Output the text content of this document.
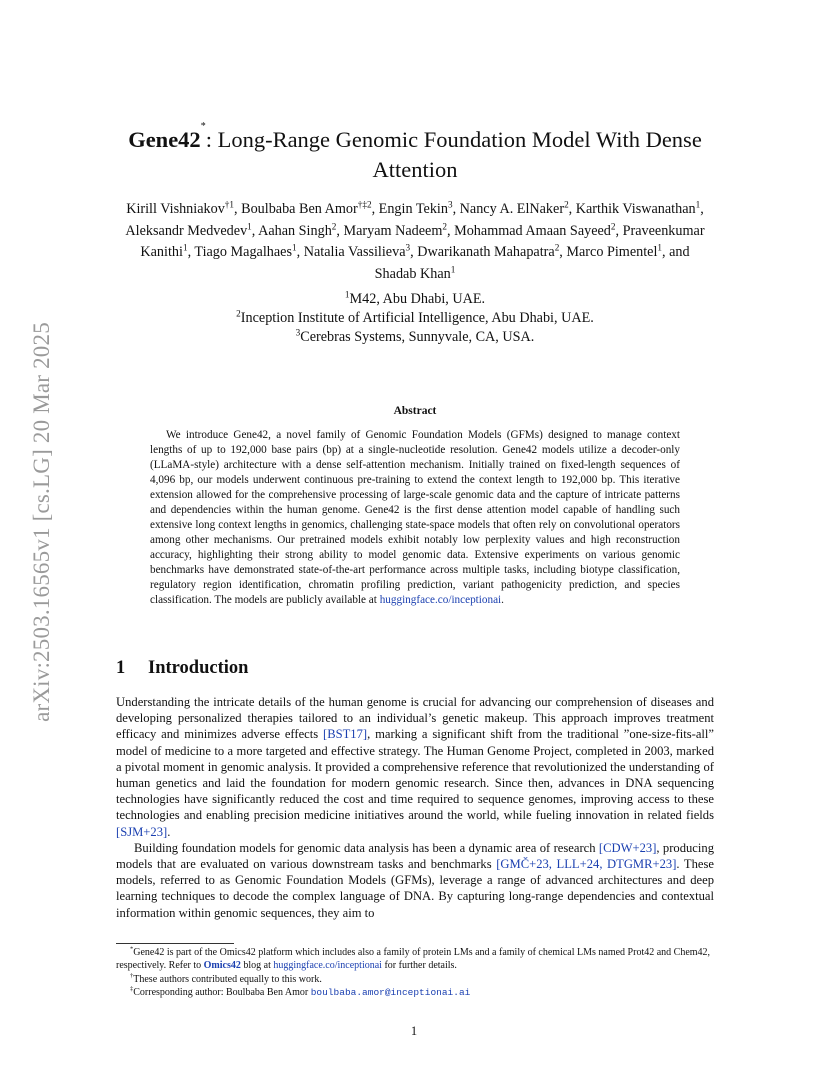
arXiv:2503.16565v1 [cs.LG] 20 Mar 2025
Gene42*: Long-Range Genomic Foundation Model With Dense Attention
Kirill Vishniakov$^{\dagger 1}$, Boulbaba Ben Amor$^{\dagger\ddagger 2}$, Engin Tekin$^3$, Nancy A. ElNaker$^2$, Karthik Viswanathan$^1$, Aleksandr Medvedev$^1$, Aahan Singh$^2$, Maryam Nadeem$^2$, Mohammad Amaan Sayeed$^2$, Praveenkumar Kanithi$^1$, Tiago Magalhaes$^1$, Natalia Vassilieva$^3$, Dwarikanath Mahapatra$^2$, Marco Pimentel$^1$, and Shadab Khan$^1$
$^1$M42, Abu Dhabi, UAE.
$^2$Inception Institute of Artificial Intelligence, Abu Dhabi, UAE.
$^3$Cerebras Systems, Sunnyvale, CA, USA.
Abstract

We introduce Gene42, a novel family of Genomic Foundation Models (GFMs) designed to manage context lengths of up to 192,000 base pairs (bp) at a single-nucleotide resolution. Gene42 models utilize a decoder-only (LLaMA-style) architecture with a dense self-attention mechanism. Initially trained on fixed-length sequences of 4,096 bp, our models underwent continuous pre-training to extend the context length to 192,000 bp. This iterative extension allowed for the comprehensive processing of large-scale genomic data and the capture of intricate patterns and dependencies within the human genome. Gene42 is the first dense attention model capable of handling such extensive long context lengths in genomics, challenging state-space models that often rely on convolutional operators among other mechanisms. Our pretrained models exhibit notably low perplexity values and high reconstruction accuracy, highlighting their strong ability to model genomic data. Extensive experiments on various genomic benchmarks have demonstrated state-of-the-art performance across multiple tasks, including biotype classification, regulatory region identification, chromatin profiling prediction, variant pathogenicity prediction, and species classification. The models are publicly available at huggingface.co/inceptionai.

1 Introduction

Understanding the intricate details of the human genome is crucial for advancing our comprehension of diseases and developing personalized therapies tailored to an individual’s genetic makeup. This approach improves treatment efficacy and minimizes adverse effects [BST17], marking a significant shift from the traditional ”one-size-fits-all” model of medicine to a more targeted and effective strategy. The Human Genome Project, completed in 2003, marked a pivotal moment in genomic analysis. It provided a comprehensive reference that revolutionized the understanding of human genetics and laid the foundation for modern genomic research. Since then, advances in DNA sequencing technologies have significantly reduced the cost and time required to sequence genomes, improving access to these technologies and enabling precision medicine initiatives around the world, while fueling innovation in related fields [SJM+23].

Building foundation models for genomic data analysis has been a dynamic area of research [CDW+23], producing models that are evaluated on various downstream tasks and benchmarks [GMČ+23, LLL+24, DTGMR+23]. These models, referred to as Genomic Foundation Models (GFMs), leverage a range of advanced architectures and deep learning techniques to decode the complex language of DNA. By capturing long-range dependencies and contextual information within genomic sequences, they aim to

*Gene42 is part of the Omics42 platform which includes also a family of protein LMs and a family of chemical LMs named Prot42 and Chem42, respectively. Refer to Omics42 blog at huggingface.co/inceptionai for further details.

†These authors contributed equally to this work.

‡Corresponding author: Boulbaba Ben Amor boulbaba.amor@inceptionai.ai

1
